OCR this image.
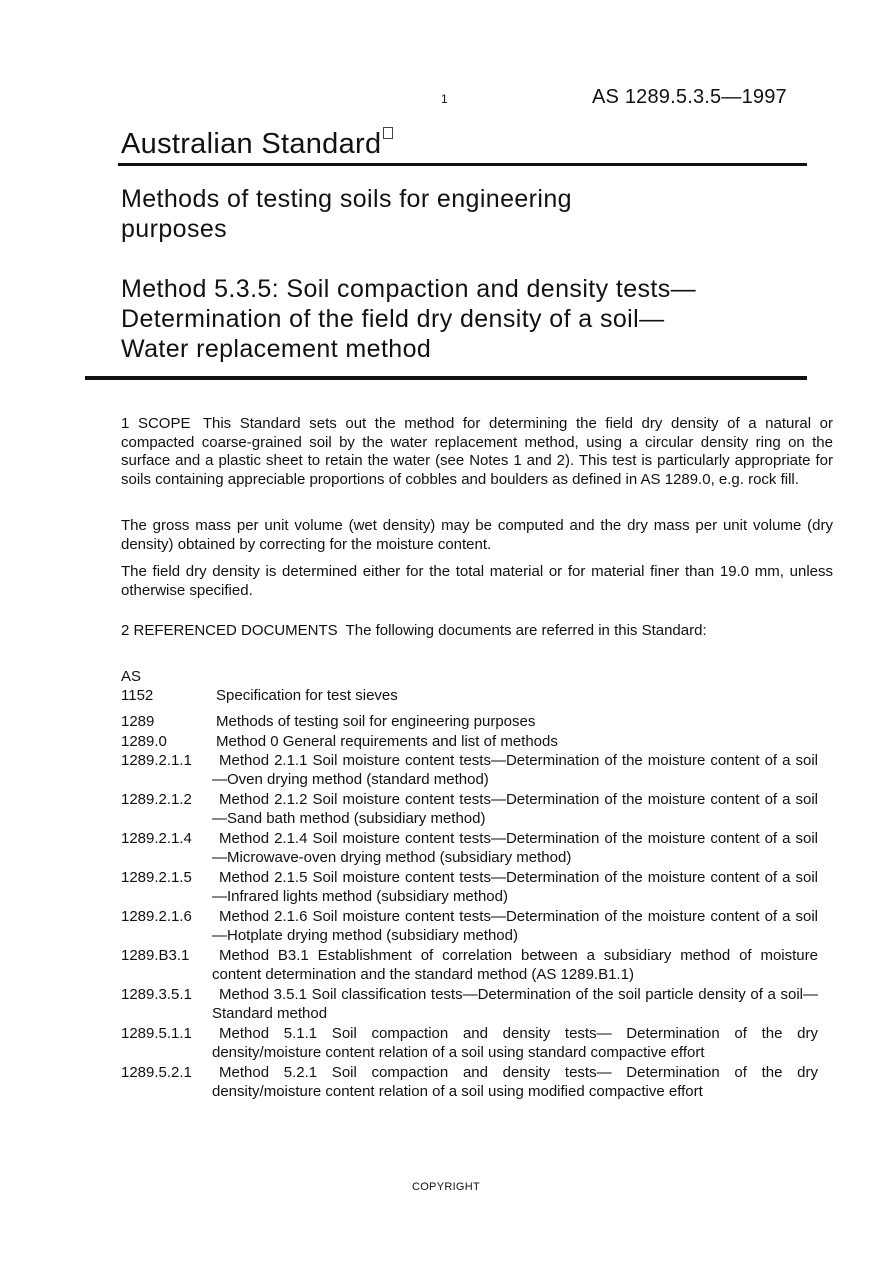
1	AS 1289.5.3.5—1997
Australian Standard
Methods of testing soils for engineering purposes
Method 5.3.5: Soil compaction and density tests—Determination of the field dry density of a soil—Water replacement method
1 SCOPE This Standard sets out the method for determining the field dry density of a natural or compacted coarse-grained soil by the water replacement method, using a circular density ring on the surface and a plastic sheet to retain the water (see Notes 1 and 2). This test is particularly appropriate for soils containing appreciable proportions of cobbles and boulders as defined in AS 1289.0, e.g. rock fill.
The gross mass per unit volume (wet density) may be computed and the dry mass per unit volume (dry density) obtained by correcting for the moisture content.
The field dry density is determined either for the total material or for material finer than 19.0 mm, unless otherwise specified.
2 REFERENCED DOCUMENTS The following documents are referred in this Standard:
AS
1152	Specification for test sieves
1289	Methods of testing soil for engineering purposes
1289.0	Method 0 General requirements and list of methods
1289.2.1.1	Method 2.1.1 Soil moisture content tests—Determination of the moisture content of a soil—Oven drying method (standard method)
1289.2.1.2	Method 2.1.2 Soil moisture content tests—Determination of the moisture content of a soil—Sand bath method (subsidiary method)
1289.2.1.4	Method 2.1.4 Soil moisture content tests—Determination of the moisture content of a soil—Microwave-oven drying method (subsidiary method)
1289.2.1.5	Method 2.1.5 Soil moisture content tests—Determination of the moisture content of a soil—Infrared lights method (subsidiary method)
1289.2.1.6	Method 2.1.6 Soil moisture content tests—Determination of the moisture content of a soil—Hotplate drying method (subsidiary method)
1289.B3.1	Method B3.1 Establishment of correlation between a subsidiary method of moisture content determination and the standard method (AS 1289.B1.1)
1289.3.5.1	Method 3.5.1 Soil classification tests—Determination of the soil particle density of a soil—Standard method
1289.5.1.1	Method 5.1.1 Soil compaction and density tests— Determination of the dry density/moisture content relation of a soil using standard compactive effort
1289.5.2.1	Method 5.2.1 Soil compaction and density tests— Determination of the dry density/moisture content relation of a soil using modified compactive effort
COPYRIGHT
